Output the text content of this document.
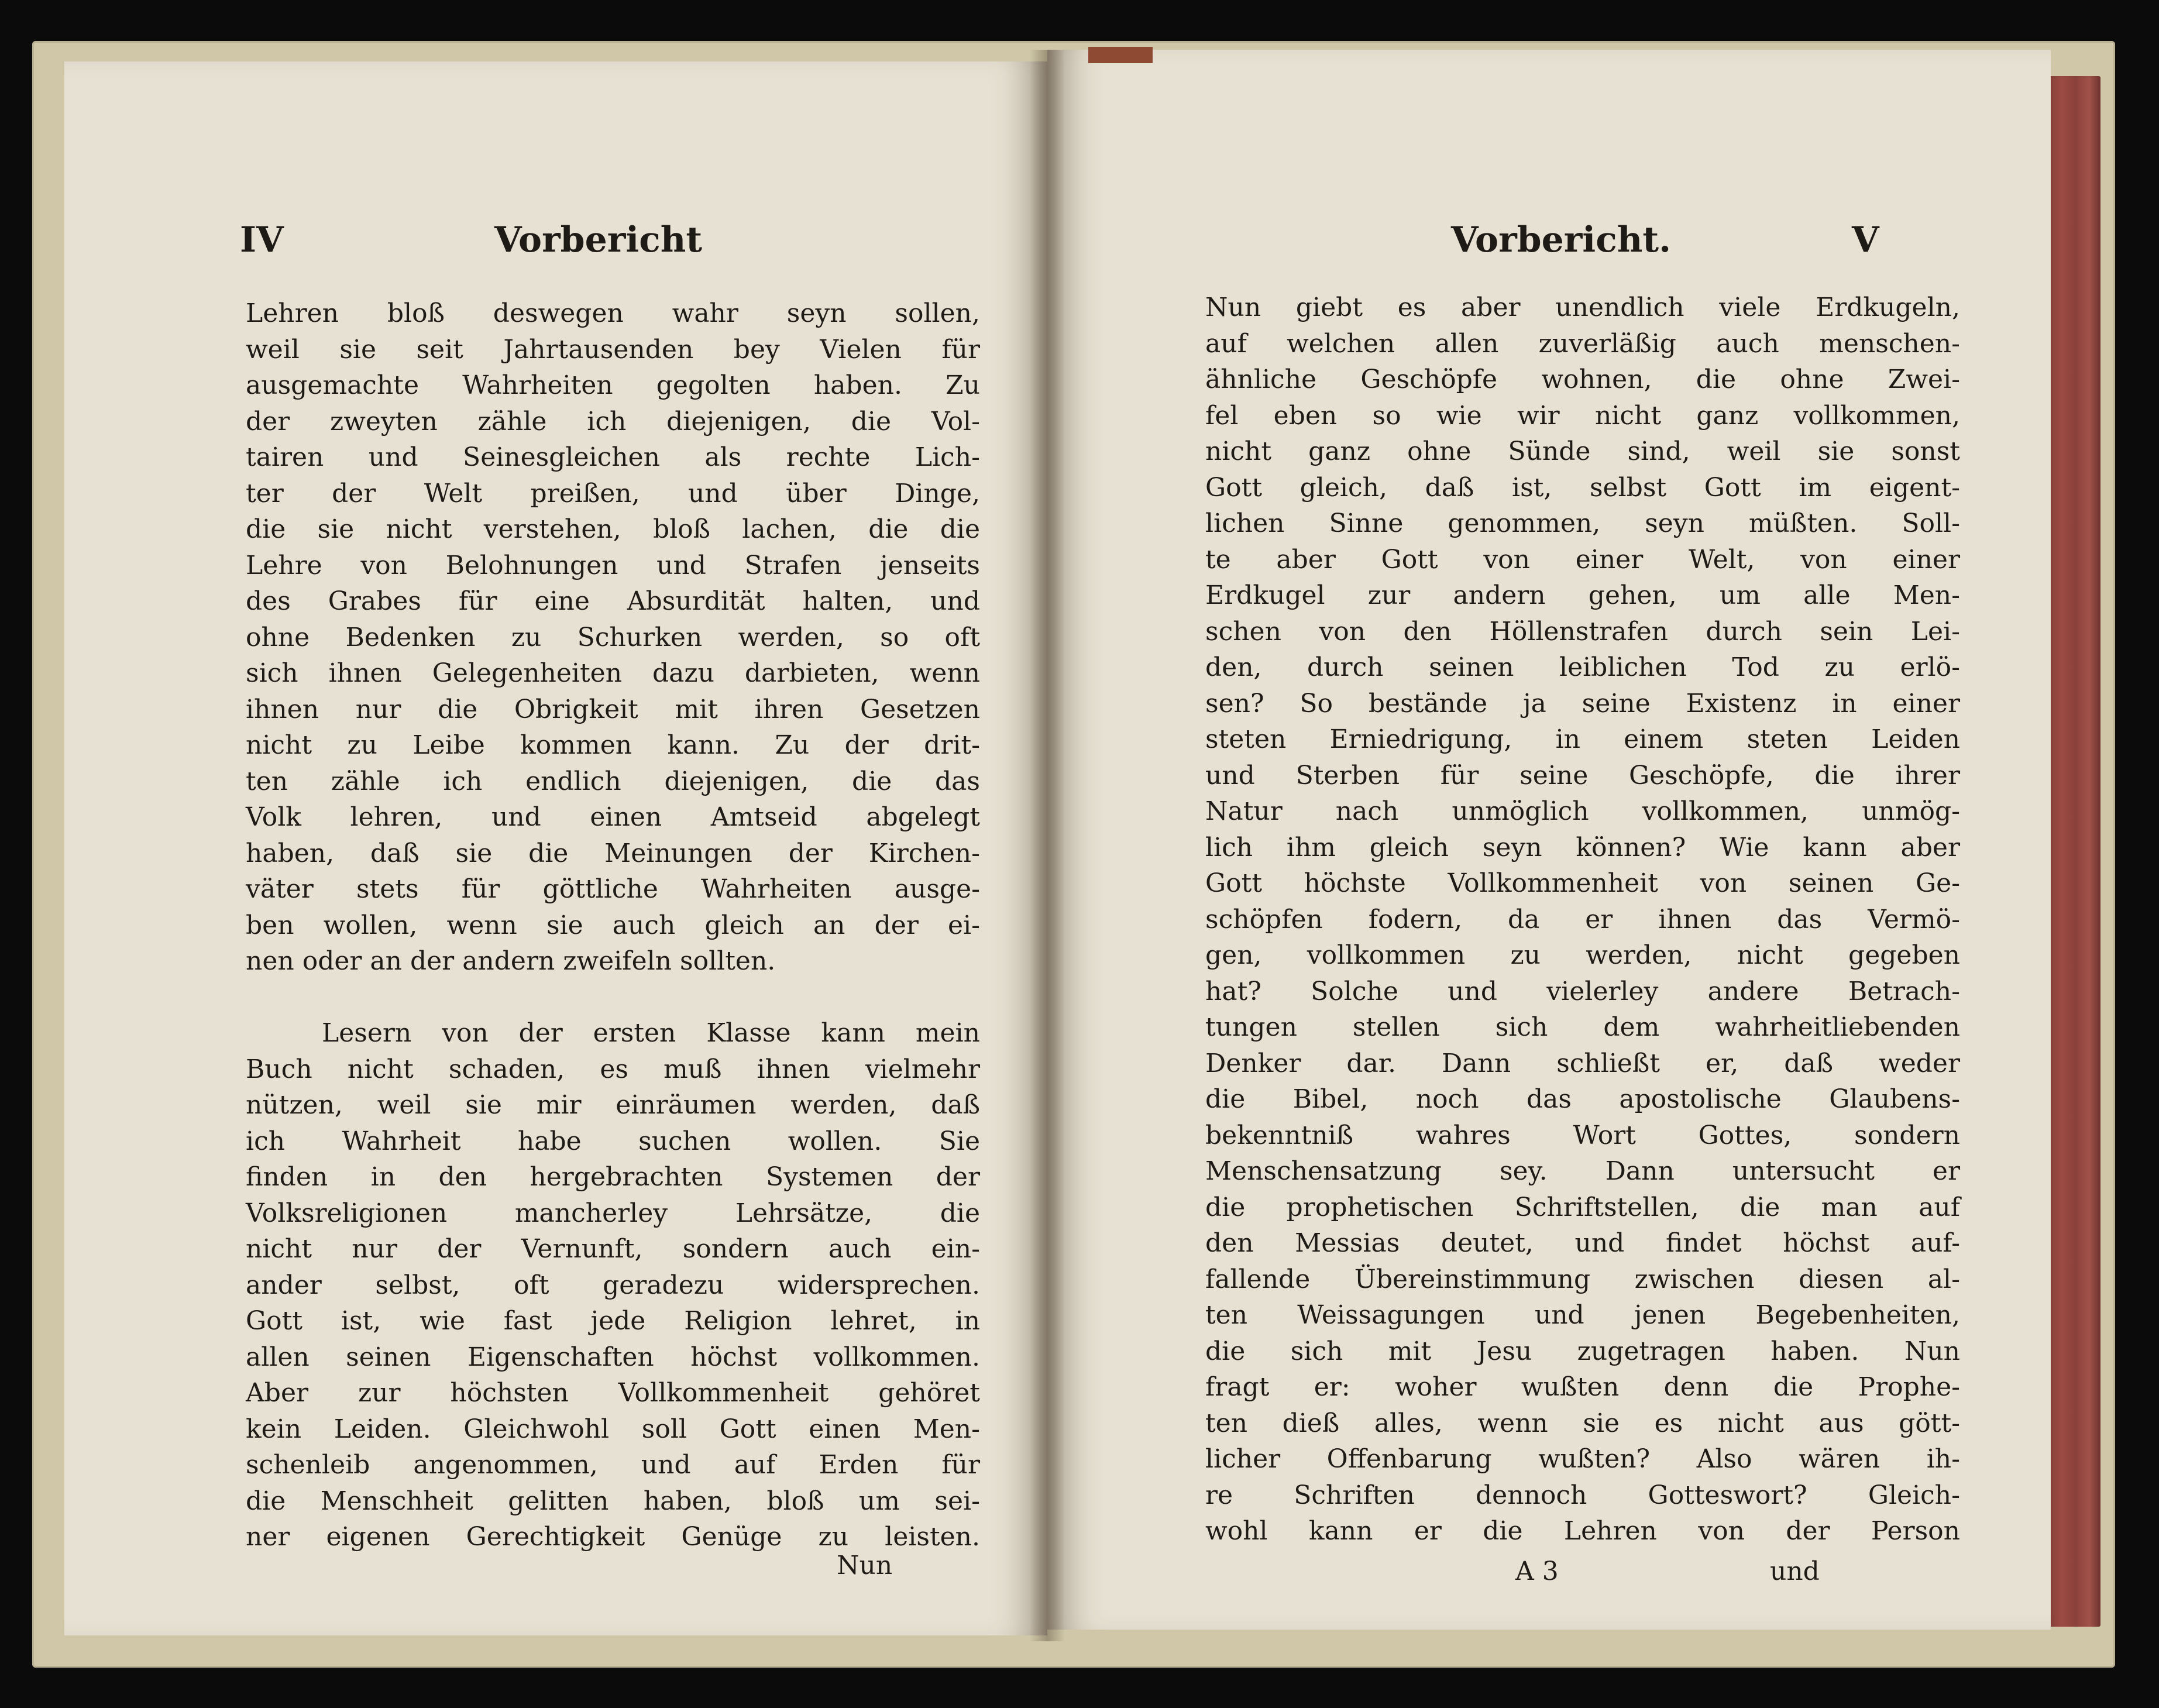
IV	Vorbericht
Lehren bloß deswegen wahr seyn sollen,
weil sie seit Jahrtausenden bey Vielen für
ausgemachte Wahrheiten gegolten haben. Zu
der zweyten zähle ich diejenigen, die Vol-
tairen und Seinesgleichen als rechte Lich-
ter der Welt preißen, und über Dinge,
die sie nicht verstehen, bloß lachen, die die
Lehre von Belohnungen und Strafen jenseits
des Grabes für eine Absurdität halten, und
ohne Bedenken zu Schurken werden, so oft
sich ihnen Gelegenheiten dazu darbieten, wenn
ihnen nur die Obrigkeit mit ihren Gesetzen
nicht zu Leibe kommen kann. Zu der drit-
ten zähle ich endlich diejenigen, die das
Volk lehren, und einen Amtseid abgelegt
haben, daß sie die Meinungen der Kirchen-
väter stets für göttliche Wahrheiten ausge-
ben wollen, wenn sie auch gleich an der ei-
nen oder an der andern zweifeln sollten.
Lesern von der ersten Klasse kann mein
Buch nicht schaden, es muß ihnen vielmehr
nützen, weil sie mir einräumen werden, daß
ich Wahrheit habe suchen wollen. Sie
finden in den hergebrachten Systemen der
Volksreligionen mancherley Lehrsätze, die
nicht nur der Vernunft, sondern auch ein-
ander selbst, oft geradezu widersprechen.
Gott ist, wie fast jede Religion lehret, in
allen seinen Eigenschaften höchst vollkommen.
Aber zur höchsten Vollkommenheit gehöret
kein Leiden. Gleichwohl soll Gott einen Men-
schenleib angenommen, und auf Erden für
die Menschheit gelitten haben, bloß um sei-
ner eigenen Gerechtigkeit Genüge zu leisten.
Nun
Vorbericht.	V
Nun giebt es aber unendlich viele Erdkugeln,
auf welchen allen zuverläßig auch menschen-
ähnliche Geschöpfe wohnen, die ohne Zwei-
fel eben so wie wir nicht ganz vollkommen,
nicht ganz ohne Sünde sind, weil sie sonst
Gott gleich, daß ist, selbst Gott im eigent-
lichen Sinne genommen, seyn müßten. Soll-
te aber Gott von einer Welt, von einer
Erdkugel zur andern gehen, um alle Men-
schen von den Höllenstrafen durch sein Lei-
den, durch seinen leiblichen Tod zu erlö-
sen? So bestände ja seine Existenz in einer
steten Erniedrigung, in einem steten Leiden
und Sterben für seine Geschöpfe, die ihrer
Natur nach unmöglich vollkommen, unmög-
lich ihm gleich seyn können? Wie kann aber
Gott höchste Vollkommenheit von seinen Ge-
schöpfen fodern, da er ihnen das Vermö-
gen, vollkommen zu werden, nicht gegeben
hat? Solche und vielerley andere Betrach-
tungen stellen sich dem wahrheitliebenden
Denker dar. Dann schließt er, daß weder
die Bibel, noch das apostolische Glaubens-
bekenntniß wahres Wort Gottes, sondern
Menschensatzung sey. Dann untersucht er
die prophetischen Schriftstellen, die man auf
den Messias deutet, und findet höchst auf-
fallende Übereinstimmung zwischen diesen al-
ten Weissagungen und jenen Begebenheiten,
die sich mit Jesu zugetragen haben. Nun
fragt er: woher wußten denn die Prophe-
ten dieß alles, wenn sie es nicht aus gött-
licher Offenbarung wußten? Also wären ih-
re Schriften dennoch Gotteswort? Gleich-
wohl kann er die Lehren von der Person
A 3	und
